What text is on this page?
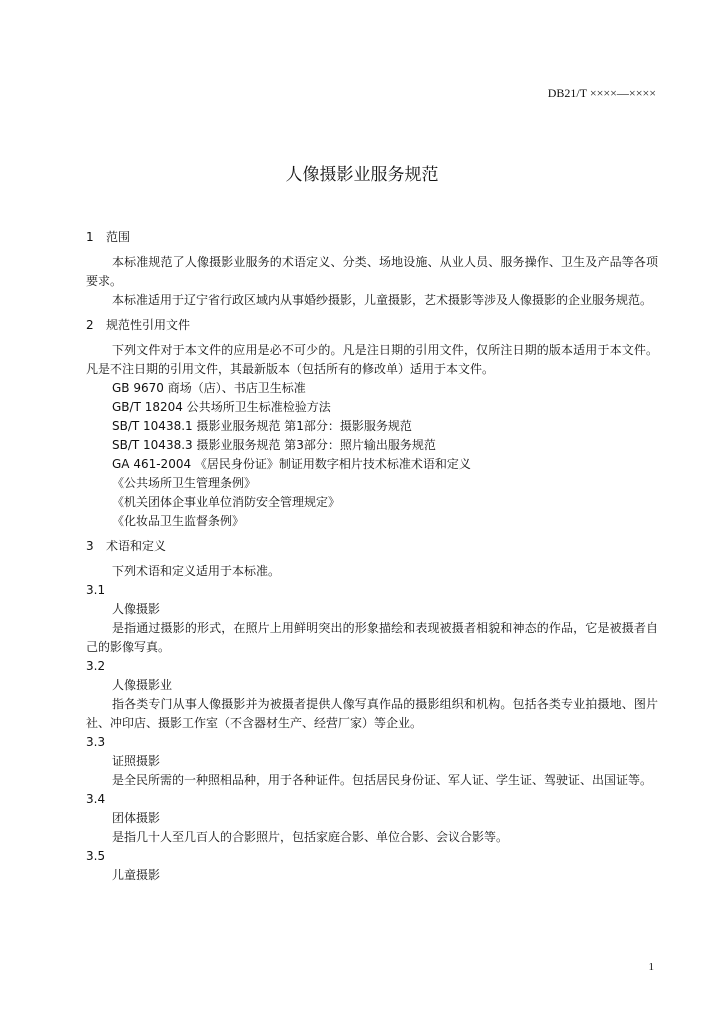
DB21/T ××××—××××
人像摄影业服务规范

1 范围

本标准规范了人像摄影业服务的术语定义、分类、场地设施、从业人员、服务操作、卫生及产品等各项要求。

本标准适用于辽宁省行政区域内从事婚纱摄影，儿童摄影，艺术摄影等涉及人像摄影的企业服务规范。

2 规范性引用文件

下列文件对于本文件的应用是必不可少的。凡是注日期的引用文件，仅所注日期的版本适用于本文件。凡是不注日期的引用文件，其最新版本（包括所有的修改单）适用于本文件。

GB 9670 商场（店）、书店卫生标准

GB/T 18204 公共场所卫生标准检验方法

SB/T 10438.1 摄影业服务规范 第1部分：摄影服务规范

SB/T 10438.3 摄影业服务规范 第3部分：照片输出服务规范

GA 461-2004 《居民身份证》制证用数字相片技术标准术语和定义

《公共场所卫生管理条例》

《机关团体企事业单位消防安全管理规定》

《化妆品卫生监督条例》

3 术语和定义

下列术语和定义适用于本标准。

3.1

人像摄影

是指通过摄影的形式，在照片上用鲜明突出的形象描绘和表现被摄者相貌和神态的作品，它是被摄者自己的影像写真。

3.2

人像摄影业

指各类专门从事人像摄影并为被摄者提供人像写真作品的摄影组织和机构。包括各类专业拍摄地、图片社、冲印店、摄影工作室（不含器材生产、经营厂家）等企业。

3.3

证照摄影

是全民所需的一种照相品种，用于各种证件。包括居民身份证、军人证、学生证、驾驶证、出国证等。

3.4

团体摄影

是指几十人至几百人的合影照片，包括家庭合影、单位合影、会议合影等。

3.5

儿童摄影

1
